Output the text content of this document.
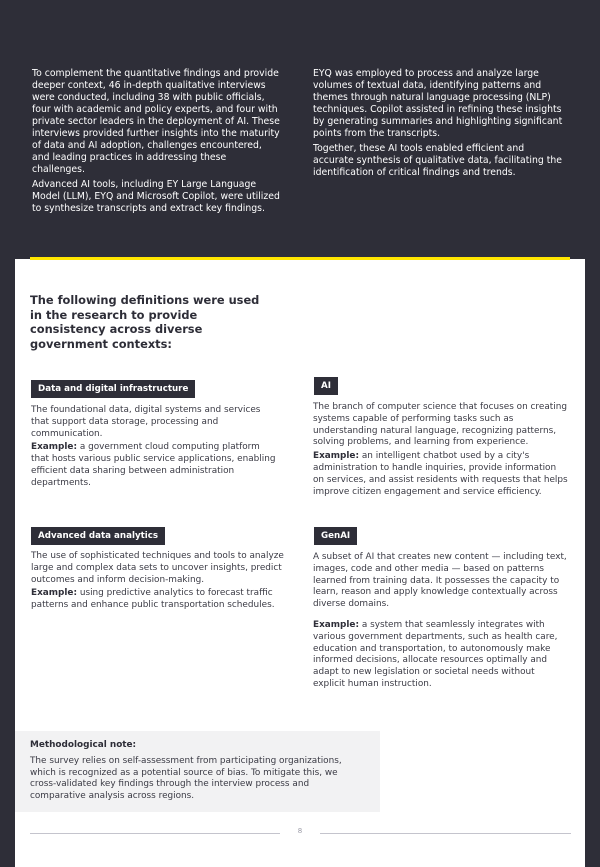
To complement the quantitative findings and provide deeper context, 46 in-depth qualitative interviews were conducted, including 38 with public officials, four with academic and policy experts, and four with private sector leaders in the deployment of AI. These interviews provided further insights into the maturity of data and AI adoption, challenges encountered, and leading practices in addressing these challenges.

Advanced AI tools, including EY Large Language Model (LLM), EYQ and Microsoft Copilot, were utilized to synthesize transcripts and extract key findings.

EYQ was employed to process and analyze large volumes of textual data, identifying patterns and themes through natural language processing (NLP) techniques. Copilot assisted in refining these insights by generating summaries and highlighting significant points from the transcripts.

Together, these AI tools enabled efficient and accurate synthesis of qualitative data, facilitating the identification of critical findings and trends.

The following definitions were used in the research to provide consistency across diverse government contexts:
Data and digital infrastructure

The foundational data, digital systems and services that support data storage, processing and communication.

Example: a government cloud computing platform that hosts various public service applications, enabling efficient data sharing between administration departments.

AI

The branch of computer science that focuses on creating systems capable of performing tasks such as understanding natural language, recognizing patterns, solving problems, and learning from experience.

Example: an intelligent chatbot used by a city's administration to handle inquiries, provide information on services, and assist residents with requests that helps improve citizen engagement and service efficiency.

Advanced data analytics

The use of sophisticated techniques and tools to analyze large and complex data sets to uncover insights, predict outcomes and inform decision-making.

Example: using predictive analytics to forecast traffic patterns and enhance public transportation schedules.

GenAI

A subset of AI that creates new content — including text, images, code and other media — based on patterns learned from training data. It possesses the capacity to learn, reason and apply knowledge contextually across diverse domains.

Example: a system that seamlessly integrates with various government departments, such as health care, education and transportation, to autonomously make informed decisions, allocate resources optimally and adapt to new legislation or societal needs without explicit human instruction.

Methodological note:
The survey relies on self-assessment from participating organizations, which is recognized as a potential source of bias. To mitigate this, we cross-validated key findings through the interview process and comparative analysis across regions.
8
